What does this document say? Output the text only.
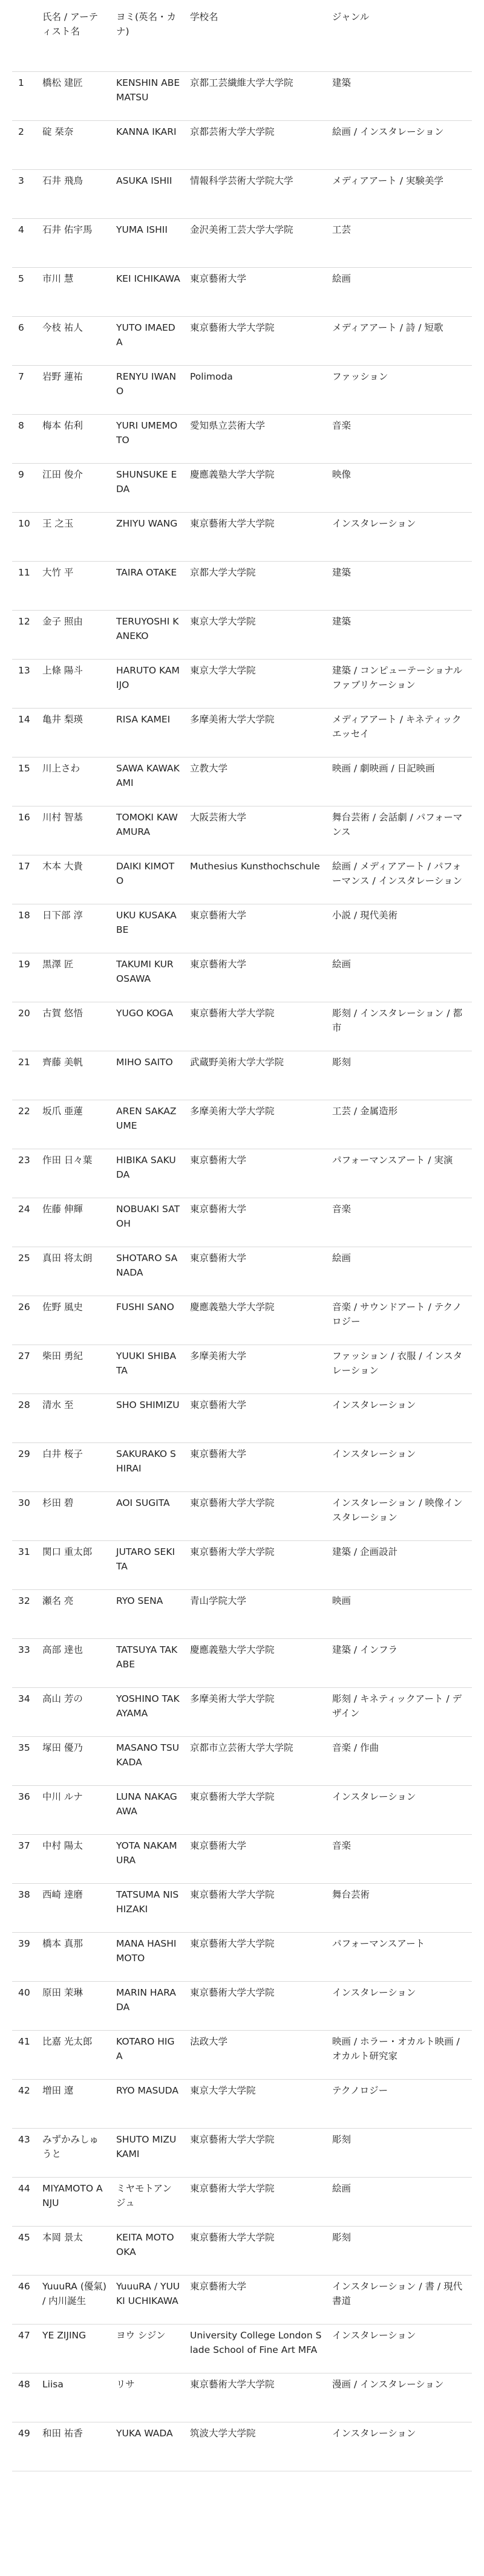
	氏名 / アーティスト名	ヨミ(英名・カナ)	学校名	ジャンル
1	橋松 建匠	KENSHIN ABEMATSU	京都工芸繊維大学大学院	建築
2	碇 栞奈	KANNA IKARI	京都芸術大学大学院	絵画 / インスタレーション
3	石井 飛鳥	ASUKA ISHII	情報科学芸術大学院大学	メディアアート / 実験美学
4	石井 佑宇馬	YUMA ISHII	金沢美術工芸大学大学院	工芸
5	市川 慧	KEI ICHIKAWA	東京藝術大学	絵画
6	今枝 祐人	YUTO IMAEDA	東京藝術大学大学院	メディアアート / 詩 / 短歌
7	岩野 蓮祐	RENYU IWANO	Polimoda	ファッション
8	梅本 佑利	YURI UMEMOTO	愛知県立芸術大学	音楽
9	江田 俊介	SHUNSUKE EDA	慶應義塾大学大学院	映像
10	王 之玉	ZHIYU WANG	東京藝術大学大学院	インスタレーション
11	大竹 平	TAIRA OTAKE	京都大学大学院	建築
12	金子 照由	TERUYOSHI KANEKO	東京大学大学院	建築
13	上條 陽斗	HARUTO KAMIJO	東京大学大学院	建築 / コンピューテーショナルファブリケーション
14	亀井 梨瑛	RISA KAMEI	多摩美術大学大学院	メディアアート / キネティックエッセイ
15	川上さわ	SAWA KAWAKAMI	立教大学	映画 / 劇映画 / 日記映画
16	川村 智基	TOMOKI KAWAMURA	大阪芸術大学	舞台芸術 / 会話劇 / パフォーマンス
17	木本 大貴	DAIKI KIMOTO	Muthesius Kunsthochschule	絵画 / メディアアート / パフォーマンス / インスタレーション
18	日下部 淳	UKU KUSAKABE	東京藝術大学	小説 / 現代美術
19	黒澤 匠	TAKUMI KUROSAWA	東京藝術大学	絵画
20	古賀 悠悟	YUGO KOGA	東京藝術大学大学院	彫刻 / インスタレーション / 都市
21	齊藤 美帆	MIHO SAITO	武蔵野美術大学大学院	彫刻
22	坂爪 亜蓮	AREN SAKAZUME	多摩美術大学大学院	工芸 / 金属造形
23	作田 日々葉	HIBIKA SAKUDA	東京藝術大学	パフォーマンスアート / 実演
24	佐藤 伸輝	NOBUAKI SATOH	東京藝術大学	音楽
25	真田 将太朗	SHOTARO SANADA	東京藝術大学	絵画
26	佐野 風史	FUSHI SANO	慶應義塾大学大学院	音楽 / サウンドアート / テクノロジー
27	柴田 勇紀	YUUKI SHIBATA	多摩美術大学	ファッション / 衣服 / インスタレーション
28	清水 至	SHO SHIMIZU	東京藝術大学	インスタレーション
29	白井 桜子	SAKURAKO SHIRAI	東京藝術大学	インスタレーション
30	杉田 碧	AOI SUGITA	東京藝術大学大学院	インスタレーション / 映像インスタレーション
31	関口 重太郎	JUTARO SEKITA	東京藝術大学大学院	建築 / 企画設計
32	瀬名 亮	RYO SENA	青山学院大学	映画
33	高部 達也	TATSUYA TAKABE	慶應義塾大学大学院	建築 / インフラ
34	高山 芳の	YOSHINO TAKAYAMA	多摩美術大学大学院	彫刻 / キネティックアート / デザイン
35	塚田 優乃	MASANO TSUKADA	京都市立芸術大学大学院	音楽 / 作曲
36	中川 ルナ	LUNA NAKAGAWA	東京藝術大学大学院	インスタレーション
37	中村 陽太	YOTA NAKAMURA	東京藝術大学	音楽
38	西崎 達磨	TATSUMA NISHIZAKI	東京藝術大学大学院	舞台芸術
39	橋本 真那	MANA HASHIMOTO	東京藝術大学大学院	パフォーマンスアート
40	原田 茉琳	MARIN HARADA	東京藝術大学大学院	インスタレーション
41	比嘉 光太郎	KOTARO HIGA	法政大学	映画 / ホラー・オカルト映画 / オカルト研究家
42	増田 遼	RYO MASUDA	東京大学大学院	テクノロジー
43	みずかみしゅうと	SHUTO MIZUKAMI	東京藝術大学大学院	彫刻
44	MIYAMOTO ANJU	ミヤモトアンジュ	東京藝術大学大学院	絵画
45	本岡 景太	KEITA MOTOOKA	東京藝術大学大学院	彫刻
46	YuuuRA (優氣) / 内川誕生	YuuuRA / YUUKI UCHIKAWA	東京藝術大学	インスタレーション / 書 / 現代書道
47	YE ZIJING	ヨウ シジン	University College London Slade School of Fine Art MFA	インスタレーション
48	Liisa	リサ	東京藝術大学大学院	漫画 / インスタレーション
49	和田 祐香	YUKA WADA	筑波大学大学院	インスタレーション
